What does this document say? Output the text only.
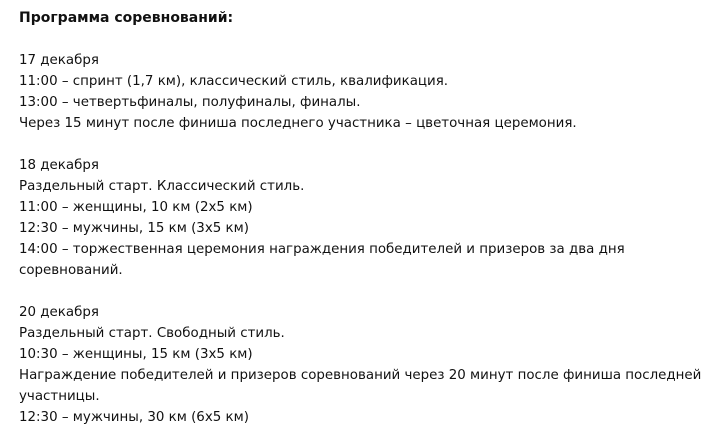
Программа соревнований:

17 декабря

11:00 – спринт (1,7 км), классический стиль, квалификация.

13:00 – четвертьфиналы, полуфиналы, финалы.

Через 15 минут после финиша последнего участника – цветочная церемония.

18 декабря

Раздельный старт. Классический стиль.

11:00 – женщины, 10 км (2х5 км)

12:30 – мужчины, 15 км (3х5 км)

14:00 – торжественная церемония награждения победителей и призеров за два дня

соревнований.

20 декабря

Раздельный старт. Свободный стиль.

10:30 – женщины, 15 км (3х5 км)

Награждение победителей и призеров соревнований через 20 минут после финиша последней

участницы.

12:30 – мужчины, 30 км (6х5 км)
